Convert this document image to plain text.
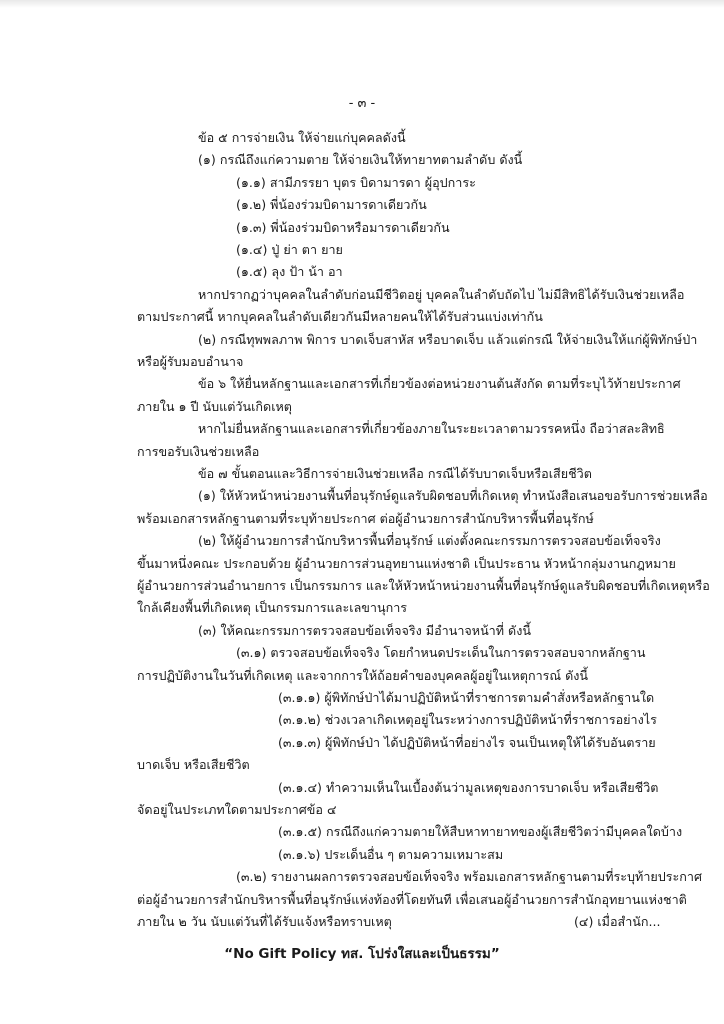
- ๓ -
ข้อ ๕ การจ่ายเงิน ให้จ่ายแก่บุคคลดังนี้
(๑) กรณีถึงแก่ความตาย ให้จ่ายเงินให้ทายาทตามลำดับ ดังนี้
(๑.๑) สามีภรรยา บุตร บิดามารดา ผู้อุปการะ
(๑.๒) พี่น้องร่วมบิดามารดาเดียวกัน
(๑.๓) พี่น้องร่วมบิดาหรือมารดาเดียวกัน
(๑.๔) ปู่ ย่า ตา ยาย
(๑.๕) ลุง ป้า น้า อา
หากปรากฏว่าบุคคลในลำดับก่อนมีชีวิตอยู่ บุคคลในลำดับถัดไป ไม่มีสิทธิได้รับเงินช่วยเหลือ
ตามประกาศนี้ หากบุคคลในลำดับเดียวกันมีหลายคนให้ได้รับส่วนแบ่งเท่ากัน
(๒) กรณีทุพพลภาพ พิการ บาดเจ็บสาหัส หรือบาดเจ็บ แล้วแต่กรณี ให้จ่ายเงินให้แก่ผู้พิทักษ์ป่า
หรือผู้รับมอบอำนาจ
ข้อ ๖ ให้ยื่นหลักฐานและเอกสารที่เกี่ยวข้องต่อหน่วยงานต้นสังกัด ตามที่ระบุไว้ท้ายประกาศ
ภายใน ๑ ปี นับแต่วันเกิดเหตุ
หากไม่ยื่นหลักฐานและเอกสารที่เกี่ยวข้องภายในระยะเวลาตามวรรคหนึ่ง ถือว่าสละสิทธิ
การขอรับเงินช่วยเหลือ
ข้อ ๗ ขั้นตอนและวิธีการจ่ายเงินช่วยเหลือ กรณีได้รับบาดเจ็บหรือเสียชีวิต
(๑) ให้หัวหน้าหน่วยงานพื้นที่อนุรักษ์ดูแลรับผิดชอบที่เกิดเหตุ ทำหนังสือเสนอขอรับการช่วยเหลือ
พร้อมเอกสารหลักฐานตามที่ระบุท้ายประกาศ ต่อผู้อำนวยการสำนักบริหารพื้นที่อนุรักษ์
(๒) ให้ผู้อำนวยการสำนักบริหารพื้นที่อนุรักษ์ แต่งตั้งคณะกรรมการตรวจสอบข้อเท็จจริง
ขึ้นมาหนึ่งคณะ ประกอบด้วย ผู้อำนวยการส่วนอุทยานแห่งชาติ เป็นประธาน หัวหน้ากลุ่มงานกฎหมาย
ผู้อำนวยการส่วนอำนายการ เป็นกรรมการ และให้หัวหน้าหน่วยงานพื้นที่อนุรักษ์ดูแลรับผิดชอบที่เกิดเหตุหรือ
ใกล้เคียงพื้นที่เกิดเหตุ เป็นกรรมการและเลขานุการ
(๓) ให้คณะกรรมการตรวจสอบข้อเท็จจริง มีอำนาจหน้าที่ ดังนี้
(๓.๑) ตรวจสอบข้อเท็จจริง โดยกำหนดประเด็นในการตรวจสอบจากหลักฐาน
การปฏิบัติงานในวันที่เกิดเหตุ และจากการให้ถ้อยคำของบุคคลผู้อยู่ในเหตุการณ์ ดังนี้
(๓.๑.๑) ผู้พิทักษ์ป่าได้มาปฏิบัติหน้าที่ราชการตามคำสั่งหรือหลักฐานใด
(๓.๑.๒) ช่วงเวลาเกิดเหตุอยู่ในระหว่างการปฏิบัติหน้าที่ราชการอย่างไร
(๓.๑.๓) ผู้พิทักษ์ป่า ได้ปฏิบัติหน้าที่อย่างไร จนเป็นเหตุให้ได้รับอันตราย
บาดเจ็บ หรือเสียชีวิต
(๓.๑.๔) ทำความเห็นในเบื้องต้นว่ามูลเหตุของการบาดเจ็บ หรือเสียชีวิต
จัดอยู่ในประเภทใดตามประกาศข้อ ๔
(๓.๑.๕) กรณีถึงแก่ความตายให้สืบหาทายาทของผู้เสียชีวิตว่ามีบุคคลใดบ้าง
(๓.๑.๖) ประเด็นอื่น ๆ ตามความเหมาะสม
(๓.๒) รายงานผลการตรวจสอบข้อเท็จจริง พร้อมเอกสารหลักฐานตามที่ระบุท้ายประกาศ
ต่อผู้อำนวยการสำนักบริหารพื้นที่อนุรักษ์แห่งท้องที่โดยทันที เพื่อเสนอผู้อำนวยการสำนักอุทยานแห่งชาติ
ภายใน ๒ วัน นับแต่วันที่ได้รับแจ้งหรือทราบเหตุ	(๔) เมื่อสำนัก...
“No Gift Policy ทส. โปร่งใสและเป็นธรรม”
